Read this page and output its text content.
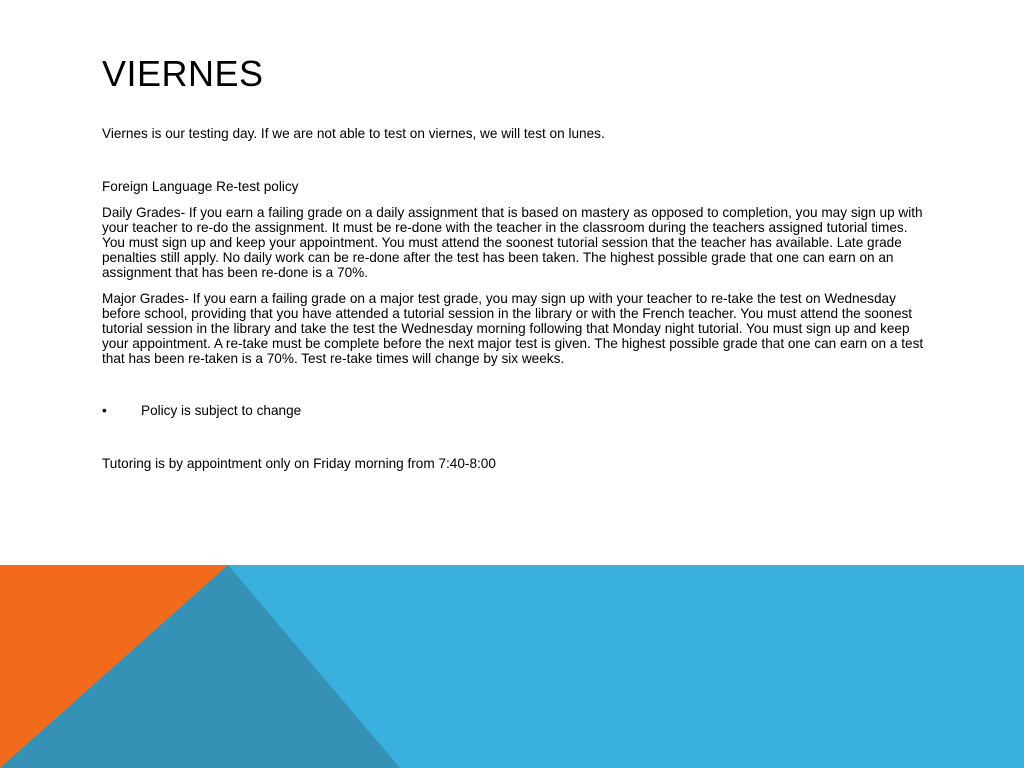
VIERNES

Viernes is our testing day. If we are not able to test on viernes, we will test on lunes.

Foreign Language Re-test policy

Daily Grades- If you earn a failing grade on a daily assignment that is based on mastery as opposed to completion, you may sign up with your teacher to re-do the assignment. It must be re-done with the teacher in the classroom during the teachers assigned tutorial times. You must sign up and keep your appointment. You must attend the soonest tutorial session that the teacher has available. Late grade penalties still apply. No daily work can be re-done after the test has been taken. The highest possible grade that one can earn on an assignment that has been re-done is a 70%.

Major Grades- If you earn a failing grade on a major test grade, you may sign up with your teacher to re-take the test on Wednesday before school, providing that you have attended a tutorial session in the library or with the French teacher. You must attend the soonest tutorial session in the library and take the test the Wednesday morning following that Monday night tutorial. You must sign up and keep your appointment. A re-take must be complete before the next major test is given. The highest possible grade that one can earn on a test that has been re-taken is a 70%. Test re-take times will change by six weeks.

•	Policy is subject to change

Tutoring is by appointment only on Friday morning from 7:40-8:00
